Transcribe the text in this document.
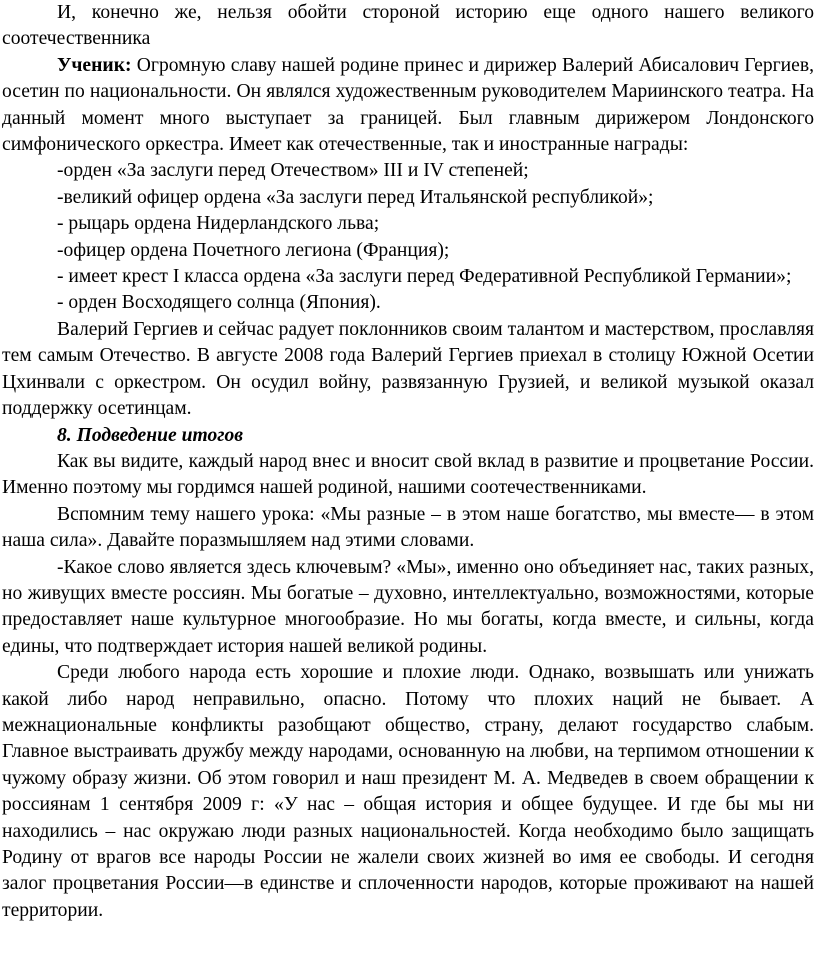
И, конечно же, нельзя обойти стороной историю еще одного нашего великого соотечественника

Ученик: Огромную славу нашей родине принес и дирижер Валерий Абисалович Гергиев, осетин по национальности. Он являлся художественным руководителем Мариинского театра. На данный момент много выступает за границей. Был главным дирижером Лондонского симфонического оркестра. Имеет как отечественные, так и иностранные награды:

-орден «За заслуги перед Отечеством» III и IV степеней;

-великий офицер ордена «За заслуги перед Итальянской республикой»;

- рыцарь ордена Нидерландского льва;

-офицер ордена Почетного легиона (Франция);

- имеет крест I класса ордена «За заслуги перед Федеративной Республикой Германии»;

- орден Восходящего солнца (Япония).

Валерий Гергиев и сейчас радует поклонников своим талантом и мастерством, прославляя тем самым Отечество. В августе 2008 года Валерий Гергиев приехал в столицу Южной Осетии Цхинвали с оркестром. Он осудил войну, развязанную Грузией, и великой музыкой оказал поддержку осетинцам.

8. Подведение итогов

Как вы видите, каждый народ внес и вносит свой вклад в развитие и процветание России. Именно поэтому мы гордимся нашей родиной, нашими соотечественниками.

Вспомним тему нашего урока: «Мы разные – в этом наше богатство, мы вместе— в этом наша сила». Давайте поразмышляем над этими словами.

-Какое слово является здесь ключевым? «Мы», именно оно объединяет нас, таких разных, но живущих вместе россиян. Мы богатые – духовно, интеллектуально, возможностями, которые предоставляет наше культурное многообразие. Но мы богаты, когда вместе, и сильны, когда едины, что подтверждает история нашей великой родины.

Среди любого народа есть хорошие и плохие люди. Однако, возвышать или унижать какой либо народ неправильно, опасно. Потому что плохих наций не бывает. А межнациональные конфликты разобщают общество, страну, делают государство слабым. Главное выстраивать дружбу между народами, основанную на любви, на терпимом отношении к чужому образу жизни. Об этом говорил и наш президент М. А. Медведев в своем обращении к россиянам 1 сентября 2009 г: «У нас – общая история и общее будущее. И где бы мы ни находились – нас окружаю люди разных национальностей. Когда необходимо было защищать Родину от врагов все народы России не жалели своих жизней во имя ее свободы. И сегодня залог процветания России—в единстве и сплоченности народов, которые проживают на нашей территории.
